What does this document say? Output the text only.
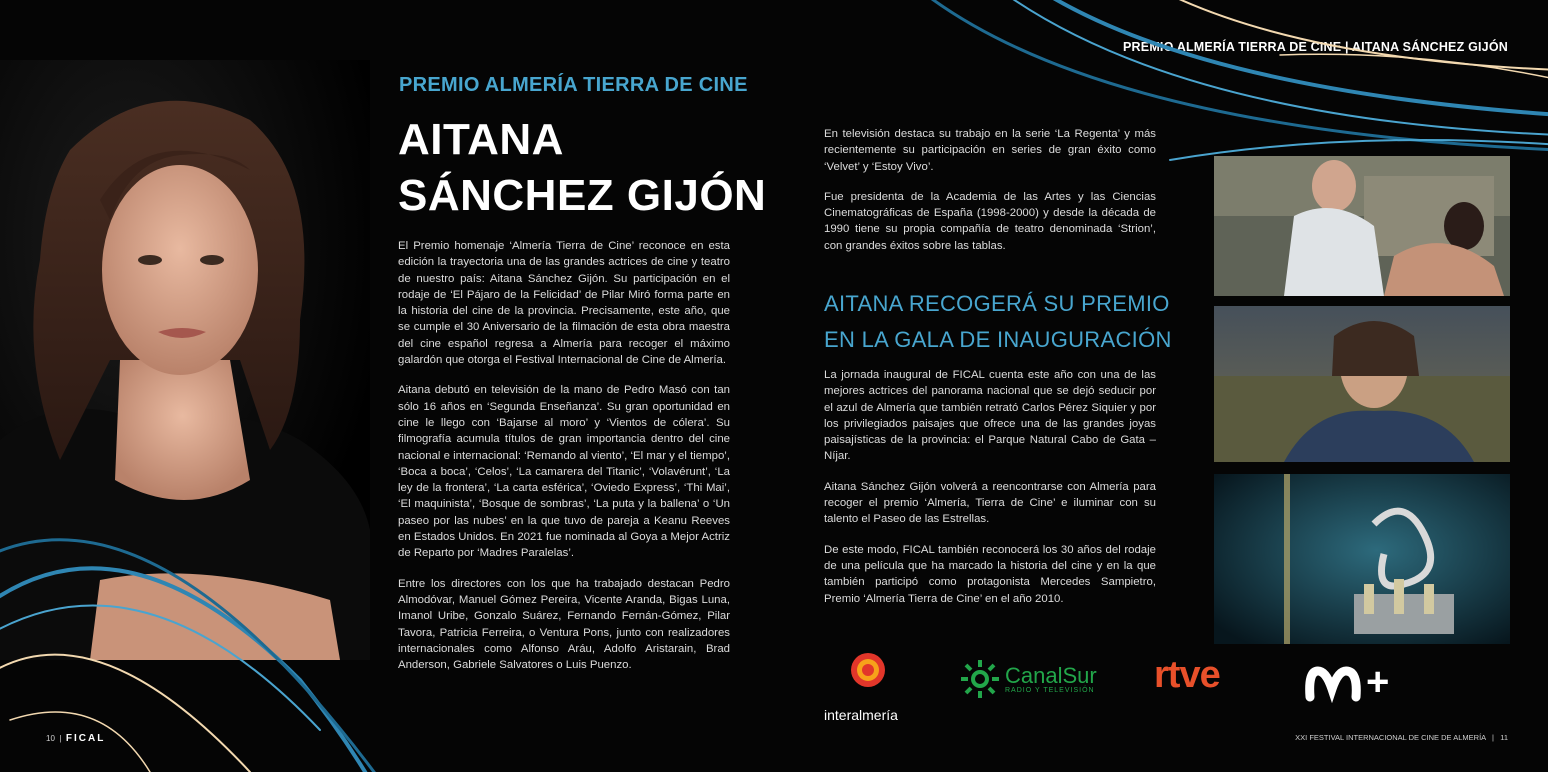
PREMIO ALMERÍA TIERRA DE CINE
AITANA
SÁNCHEZ GIJÓN

El Premio homenaje ‘Almería Tierra de Cine’ reconoce en esta edición la trayectoria una de las grandes actrices de cine y teatro de nuestro país: Aitana Sánchez Gijón. Su participación en el rodaje de ‘El Pájaro de la Felicidad’ de Pilar Miró forma parte en la historia del cine de la provincia. Precisamente, este año, que se cumple el 30 Aniversario de la filmación de esta obra maestra del cine español regresa a Almería para recoger el máximo galardón que otorga el Festival Internacional de Cine de Almería.

Aitana debutó en televisión de la mano de Pedro Masó con tan sólo 16 años en ‘Segunda Enseñanza’. Su gran oportunidad en cine le llego con ‘Bajarse al moro’ y ‘Vientos de cólera’. Su filmografía acumula títulos de gran importancia dentro del cine nacional e internacional: ‘Remando al viento’, ‘El mar y el tiempo’, ‘Boca a boca’, ‘Celos’, ‘La camarera del Titanic’, ‘Volavérunt’, ‘La ley de la frontera’, ‘La carta esférica’, ‘Oviedo Express’, ‘Thi Mai’, ‘El maquinista’, ‘Bosque de sombras’, ‘La puta y la ballena’ o ‘Un paseo por las nubes’ en la que tuvo de pareja a Keanu Reeves en Estados Unidos. En 2021 fue nominada al Goya a Mejor Actriz de Reparto por ‘Madres Paralelas’.

Entre los directores con los que ha trabajado destacan Pedro Almodóvar, Manuel Gómez Pereira, Vicente Aranda, Bigas Luna, Imanol Uribe, Gonzalo Suárez, Fernando Fernán-Gómez, Pilar Tavora, Patricia Ferreira, o Ventura Pons, junto con realizadores internacionales como Alfonso Aráu, Adolfo Aristarain, Brad Anderson, Gabriele Salvatores o Luis Puenzo.

10  |  FICAL
PREMIO ALMERÍA TIERRA DE CINE | AITANA SÁNCHEZ GIJÓN

En televisión destaca su trabajo en la serie ‘La Regenta’ y más recientemente su participación en series de gran éxito como ‘Velvet’ y ‘Estoy Vivo’.

Fue presidenta de la Academia de las Artes y las Ciencias Cinematográficas de España (1998-2000) y desde la década de 1990 tiene su propia compañía de teatro denominada ‘Strion’, con grandes éxitos sobre las tablas.

AITANA RECOGERÁ SU PREMIO
EN LA GALA DE INAUGURACIÓN

La jornada inaugural de FICAL cuenta este año con una de las mejores actrices del panorama nacional que se dejó seducir por el azul de Almería que también retrató Carlos Pérez Siquier y por los privilegiados paisajes que ofrece una de las grandes joyas paisajísticas de la provincia: el Parque Natural Cabo de Gata – Níjar.

Aitana Sánchez Gijón volverá a reencontrarse con Almería para recoger el premio ‘Almería, Tierra de Cine’ e iluminar con su talento el Paseo de las Estrellas.

De este modo, FICAL también reconocerá los 30 años del rodaje de una película que ha marcado la historia del cine y en la que también participó como protagonista Mercedes Sampietro, Premio ‘Almería Tierra de Cine’ en el año 2010.

interalmería
CanalSur
RADIO Y TELEVISIÓN rtve	+
XXI FESTIVAL INTERNACIONAL DE CINE DE ALMERÍA   |   11
